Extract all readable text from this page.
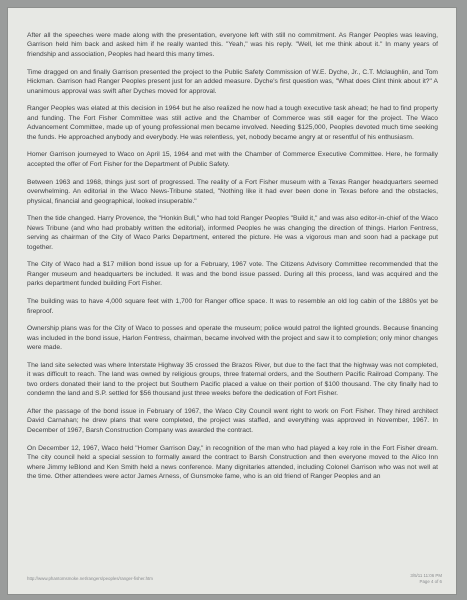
After all the speeches were made along with the presentation, everyone left with still no commitment. As Ranger Peoples was leaving, Garrison held him back and asked him if he really wanted this. "Yeah," was his reply. "Well, let me think about it." In many years of friendship and association, Peoples had heard this many times.

Time dragged on and finally Garrison presented the project to the Public Safety Commission of W.E. Dyche, Jr., C.T. Mclaughlin, and Tom Hickman. Garrison had Ranger Peoples present just for an added measure. Dyche's first question was, "What does Clint think about it?" A unanimous approval was swift after Dyches moved for approval.

Ranger Peoples was elated at this decision in 1964 but he also realized he now had a tough executive task ahead; he had to find property and funding. The Fort Fisher Committee was still active and the Chamber of Commerce was still eager for the project. The Waco Advancement Committee, made up of young professional men became involved. Needing $125,000, Peoples devoted much time seeking the funds. He approached anybody and everybody. He was relentless, yet, nobody became angry at or resentful of his enthusiasm.

Homer Garrison journeyed to Waco on April 15, 1964 and met with the Chamber of Commerce Executive Committee. Here, he formally accepted the offer of Fort Fisher for the Department of Public Safety.

Between 1963 and 1968, things just sort of progressed. The reality of a Fort Fisher museum with a Texas Ranger headquarters seemed overwhelming. An editorial in the Waco News-Tribune stated, "Nothing like it had ever been done in Texas before and the obstacles, physical, financial and geographical, looked insuperable."

Then the tide changed. Harry Provence, the "Honkin Bull," who had told Ranger Peoples "Build it," and was also editor-in-chief of the Waco News Tribune (and who had probably written the editorial), informed Peoples he was changing the direction of things. Harlon Fentress, serving as chairman of the City of Waco Parks Department, entered the picture. He was a vigorous man and soon had a package put together.

The City of Waco had a $17 million bond issue up for a February, 1967 vote. The Citizens Advisory Committee recommended that the Ranger museum and headquarters be included. It was and the bond issue passed. During all this process, land was acquired and the parks department funded building Fort Fisher.

The building was to have 4,000 square feet with 1,700 for Ranger office space. It was to resemble an old log cabin of the 1880s yet be fireproof.

Ownership plans was for the City of Waco to posses and operate the museum; police would patrol the lighted grounds. Because financing was included in the bond issue, Harlon Fentress, chairman, became involved with the project and saw it to completion; only minor changes were made.

The land site selected was where Interstate Highway 35 crossed the Brazos River, but due to the fact that the highway was not completed, it was difficult to reach. The land was owned by religious groups, three fraternal orders, and the Southern Pacific Railroad Company. The two orders donated their land to the project but Southern Pacific placed a value on their portion of $100 thousand. The city finally had to condemn the land and S.P. settled for $56 thousand just three weeks before the dedication of Fort Fisher.

After the passage of the bond issue in February of 1967, the Waco City Council went right to work on Fort Fisher. They hired architect David Carnahan; he drew plans that were completed, the project was staffed, and everything was approved in November, 1967. In December of 1967, Barsh Construction Company was awarded the contract.

On December 12, 1967, Waco held "Homer Garrison Day," in recognition of the man who had played a key role in the Fort Fisher dream. The city council held a special session to formally award the contract to Barsh Construction and then everyone moved to the Alico Inn where Jimmy leBlond and Ken Smith held a news conference. Many dignitaries attended, including Colonel Garrison who was not well at the time. Other attendees were actor James Arness, of Gunsmoke fame, who is an old friend of Ranger Peoples and an

http://www.phantomsmoke.net/rangers/peoples/ranger-fisher.htm
3/5/11 11:06 PM
Page 4 of 6
